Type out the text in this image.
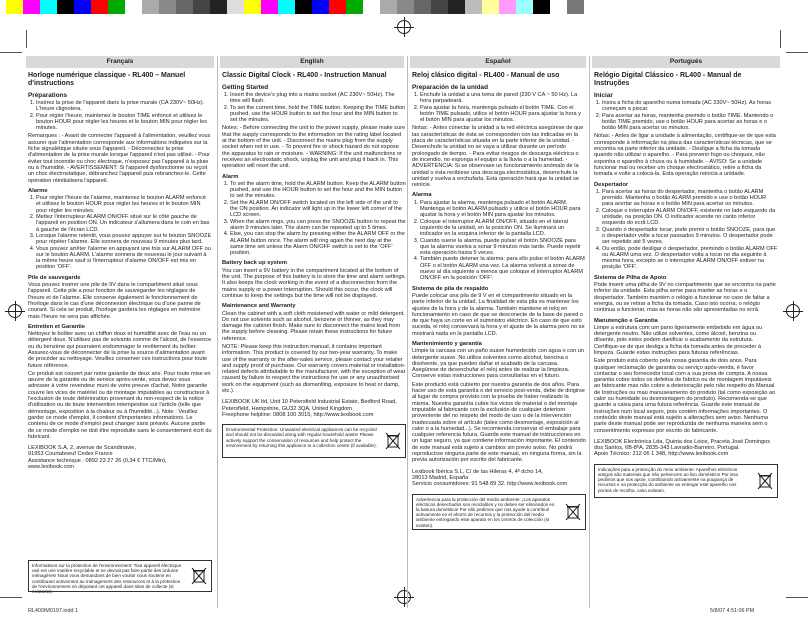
Français	English	Español	Portugués
Horloge numérique classique - RL400 – Manuel d'instructions
Préparations
1. Insérez la prise de l'appareil dans la prise murale (CA 230V~ 50Hz). L'heure clignotera.
2. Pour régler l'heure, maintenez le bouton TIME enfoncé et utilisez le bouton HOUR pour régler les heures et le bouton MIN pour régler les minutes.

Remarques : - Avant de connecter l'appareil à l'alimentation, veuillez vous assurer que l'alimentation corresponde aux informations indiquées sur la fiche signalétique située sous l'appareil. - Déconnectez la prise d'alimentation de la prise murale lorsque l'appareil n'est pas utilisé. - Pour éviter tout incendie ou choc électrique, n'exposez pas l'appareil à la pluie ou à l'humidité. - AVERTISSEMENT: Si l'appareil dysfonctionne ou reçoit un choc électrostatique, débranchez l'appareil puis rebranchez-le. Cette opération réinitialisera l'appareil.

Alarme
1. Pour régler l'heure de l'alarme, maintenez le bouton ALARM enfoncé et utilisez le bouton HOUR pour régler les heures et le bouton MIN pour régler les minutes.
2. Mettez l'interrupteur ALARM ON/OFF situé sur le côté gauche de l'appareil en position ON. Un indicateur s'allumera dans le coin en bas à gauche de l'écran LCD.
3. Lorsque l'alarme retentit, vous pouvez appuyer sur le bouton SNOOZE pour répéter l'alarme. Elle sonnera de nouveau 9 minutes plus tard.
4. Vous pouvez arrêter l'alarme en appuyant une fois sur ALARM OFF ou sur le bouton ALARM. L'alarme sonnera de nouveau le jour suivant à la même heure sauf si l'interrupteur d'alarme ON/OFF est mis en position 'OFF'.
Pile de sauvegarde

Vous pouvez insérer une pile de 9V dans le compartiment situé sous l'appareil. Cette pile a pour fonction de sauvegarder les réglages de l'heure et de l'alarme. Elle conserve également le fonctionnement de l'horloge dans le cas d'une déconnexion électrique ou d'une panne de courant. Si cela se produit, l'horloge gardera les réglages en mémoire mais l'heure ne sera pas affichée.

Entretien et Garantie

Nettoyez le boîtier avec un chiffon doux et humidifié avec de l'eau ou un détergent doux. N'utilisez pas de solvants comme de l'alcool, de l'essence ou du benzène qui pourraient endommager le revêtement du boîtier. Assurez-vous de déconnecter de la prise la source d'alimentation avant de procéder au nettoyage. Veuillez conserver ces instructions pour toute future référence.

Ce produit est couvert par notre garantie de deux ans. Pour toute mise en œuvre de la garantie ou de service après-vente, vous devez vous adresser à votre revendeur muni de votre preuve d'achat. Notre garantie couvre les vices de matériel ou de montage imputables au constructeur à l'exclusion de toute détérioration provenant du non-respect de la notice d'utilisation ou de toute intervention intempestive sur l'article (telle que démontage, exposition à la chaleur ou à l'humidité...). Note : Veuillez garder ce mode d'emploi, il contient d'importantes informations. Le contenu de ce mode d'emploi peut changer sans préavis. Aucune partie de ce mode d'emploi ne doit être reproduite sans le consentement écrit du fabricant.

LEXIBOOK S.A, 2, avenue de Scandinavie,
91953 Courtaboeuf Cedex France
Assistance technique : 0892 23 27 26 (0,34 € TTC/Min), www.lexibook.com
Informations sur la protection de l'environnement: Tout appareil électrique usé est une matière recyclable et ne devrait pas faire partie des ordures ménagères! Nous vous demandons de bien vouloir nous soutenir en contribuant activement au ménagement des ressources et à la protection de l'environnement en déposant cet appareil dans sites de collecte (si existants).
Classic Digital Clock - RL400 - Instruction Manual
Getting Started
1. Insert the device's plug into a mains socket (AC 230V~ 50Hz). The time will flash.
2. To set the current time, hold the TIME button. Keeping the TIME button pushed, use the HOUR button to set the hour and the MIN button to set the minutes.

Notes: - Before connecting the unit to the power supply, please make sure that the supply corresponds to the information on the rating label located at the bottom of the unit. - Disconnect the mains plug from the supply socket when not in use. - To prevent fire or shock hazard do not expose the apparatus to rain or moisture. - WARNING: If the unit malfunctions or receives an electrostatic shock, unplug the unit and plug it back in. This operation will reset the unit.

Alarm
1. To set the alarm time, hold the ALARM button. Keep the ALARM button pushed, and use the HOUR button to set the hour and the MIN button to set the minutes.
2. Set the ALARM ON/OFF switch located on the left side of the unit to the ON position. An indicator will light up in the lower left corner of the LCD screen.
3. When the alarm rings, you can press the SNOOZE button to repeat the alarm 9 minutes later. The alarm can be repeated up to 5 times.
4. Else, you can stop the alarm by pressing either the ALARM OFF or the ALARM button once. The alarm will ring again the next day at the same time set unless the Alarm ON/OFF switch is set to the 'OFF' position.
Battery back up system

You can insert a 9V battery in the compartment located at the bottom of the unit. The purpose of this battery is to store the time and alarm settings. It also keeps the clock working in the event of a disconnection from the mains supply or a power interruption. Should this occur, the clock will continue to keep the settings but the time will not be displayed.

Maintenance and Warranty

Clean the cabinet with a soft cloth moistened with water or mild detergent. Do not use solvents such as alcohol, benzene or thinner, as they may damage the cabinet finish. Make sure to disconnect the mains lead from the supply before cleaning. Please retain these instructions for future reference.

NOTE: Please keep this instruction manual, it contains important information. This product is covered by our two-year warranty. To make use of the warranty or the after-sales service, please contact your retailer and supply proof of purchase. Our warranty covers material or installation-related defects attributable to the manufacturer, with the exception of wear caused by failure to respect the instructions for use or any unauthorised work on the equipment (such as dismantling, exposure to heat or damp, etc.).

LEXIBOOK UK ltd, Unit 10 Petersfield Industrial Estate, Bedford Road,
Petersfield, Hampshire, GU32 3QA, United Kingdom
Freephone helpline: 0808 100 3015, http://www.lexibook.com
Environmental Protection: Unwanted electrical appliances can be recycled and should not be discarded along with regular household waste! Please actively support the conservation of resources and help protect the environment by returning this appliance to a collection centre (if available).
Reloj clásico digital - RL400 - Manual de uso
Preparación de la unidad
1. Enchufe la unidad a una toma de pared (230 V CA ~ 50 Hz). La hora parpadeará.
2. Para ajustar la hora, mantenga pulsado el botón TIME. Con el botón TIME pulsado, utilice el botón HOUR para ajustar la hora y el botón MIN para ajustar los minutos.

Notas: - Antes conectar la unidad a la red eléctrica asegúrese de que las características de ésta se corresponden con las indicadas en la placa de características situada en la parte inferior de la unidad. - Desenchufe la unidad no se vaya a utilizar durante un período prolongado de tiempo. - Para evitar riesgos de descarga eléctrica o de incendio, no exponga el equipo a la lluvia o a la humedad. - ADVERTENCIA: Si se observase un funcionamiento anómalo de la unidad o ésta recibiese una descarga electrostática, desenchufe la unidad y vuelva a enchufarla. Esta operación hará que la unidad se reinicie.

Alarma
1. Para ajustar la alarma, mantenga pulsado el botón ALARM. Mantenga el botón ALARM pulsado y utilice el botón HOUR para ajustar la hora y el botón MIN para ajustar los minutos.
2. Coloque el interruptor ALARM ON/OFF, situado en el lateral izquierdo de la unidad, en la posición ON. Se iluminará un indicador en la esquina inferior de la pantalla LCD.
3. Cuando suene la alarma, puede pulsar el botón SNOOZE para que la alarma vuelva a sonar 9 minutos más tarde. Puede repetir esta operación hasta 5 veces.
4. También puede detener la alarma: para ello pulse el botón ALARM OFF o el botón ALARM una vez. La alarma volverá a sonar de nuevo al día siguiente a menos que coloque el interruptor ALARM ON/OFF en la posición 'OFF'.
Sistema de pila de respaldo

Puede colocar una pila de 9 V en el compartimento situado en la parte inferior de la unidad. La finalidad de esta pila es mantener los ajustes de la hora y de la alarma. También mantiene el reloj en funcionamiento en caso de que se desconecte de la base de pared o de que haya un corte en el suministro eléctrico. En caso de que esto suceda, el reloj conservará la hora y el ajuste de la alarma pero no se mostrará nada en la pantalla LCD.

Mantenimiento y garantía

Limpie la carcasa con un paño suave humedecido con agua o con un detergente suave. No utilice solventes como alcohol, bencina o disolvente, ya que pueden dañar el acabado de la carcasa. Asegúrese de desenchufar el reloj antes de realizar la limpieza. Conserve estas instrucciones para consultarlas en el futuro.

Este producto está cubierto por nuestra garantía de dos años. Para hacer uso de esta garantía o del servicio post-venta, debe de dirigirse al lugar de compra provisto con la prueba de haber realizado la misma. Nuestra garantía cubre los vicios de material o del montaje imputable al fabricante con la exclusión de cualquier deterioro proveniente del no respeto del modo de uso o de la intervención inadecuada sobre el artículo (tales como desmontaje, exposición al calor o a la humedad...). Se recomienda conservar el embalaje para cualquier referencia futura. Guarde este manual de instrucciones en un lugar seguro, ya que contiene información importante. El contenido de este manual está sujeto a cambios sin previo aviso. No podrá reproducirse ninguna parte de este manual, en ninguna forma, sin la previa autorización por escrito del fabricante.

Lexibook Ibérica S.L, C/ de las Hileras 4, 4º dcho 14,
28013 Madrid, España
Servicio consumidores: 91 548 89 32. http://www.lexibook.com
Advertencia para la protección del medio ambiente: ¡Los aparatos eléctricos desechados son reciclables y no deben ser eliminados en la basura doméstica! Por ello pedimos que nos ayude a contribuir activamente en el ahorro de recursos y la protección del medio ambiente entregando este aparato en los centros de colección (si existen).
Relógio Digital Clássico - RL400 - Manual de Instruções
Iniciar
1. Insira a ficha do aparelho numa tomada (AC 230V~ 50Hz). As horas começam a piscar.
2. Para acertar as horas, mantenha premido o botão TIME. Mantendo o botão TIME premido, use o botão HOUR para acertar as horas e o botão MIN para acertar os minutos.

Notas: - Antes de ligar a unidade à alimentação, certifique-se de que esta corresponde à informação na placa das características técnicas, que se encontra na parte inferior da unidade. - Desligue a ficha da tomada quando não utilizar o aparelho. - Para prevenir fogo ou choques, não exponha o aparelho à chuva ou à humidade. - AVISO: Se a unidade funcionar mal ou receber um choque electrostático, retire a ficha da tomada e volte a colocá-la. Esta operação reinicia a unidade.

Despertador
1. Para acertar as horas do despertador, mantenha o botão ALARM premido. Mantenha o botão ALARM premido e use o botão HOUR para acertar as horas e o botão MIN para acertar os minutos.
2. Coloque o interruptor ALARM ON/OFF, existente no lado esquerdo da unidade, na posição ON. O indicador acende no canto inferior esquerdo do ecrã LCD.
3. Quando o despertador tocar, pode premir o botão SNOOZE, para que o despertador volte a tocar passados 9 minutos. O despertador pode ser repetido até 5 vezes.
4. Ou então, pode desligar o despertador, premindo o botão ALARM OFF ou ALARM uma vez. O despertador volta a tocar no dia seguinte à mesma hora, excepto se o interruptor ALARM ON/OFF estiver na posição 'OFF'.
Sistema de Pilha de Apoio

Pode inserir uma pilha de 9V no compartimento que se encontra na parte inferior da unidade. Esta pilha serve para manter as horas e o despertador. Também mantém o relógio a funcionar no caso de faltar a energia, ou se retirar a ficha da tomada. Caso isto ocorra, o relógio continua a funcionar, mas as horas não são apresentadas no ecrã.

Manutenção e Garantia

Limpe a estrutura com um pano ligeiramente embebido em água ou detergente neutro. Não utilize solventes, como álcool, benzina ou diluente, pois estes podem danificar o acabamento da estrutura. Certifique-se de que desliga a ficha da tomada antes de proceder à limpeza. Guarde estas instruções para futuras referências.

Este produto está coberto pela nossa garantia de dois anos. Para qualquer reclamação de garantia ou serviço após-venda, é favor contactar o seu fornecedor local com a sua prova de compra. A nossa garantia cobre todos os defeitos de fabrico ou de montagem imputáveis ao fabricante mas não cobre a deterioração pelo não respeito do Manual de Instruções ou mau manuseamento do produto (tal como exposição ao calor ou humidade ou desmontagem do produto). Recomenda-se que guarde a caixa para uma futura referência. Guarde este manual de instruções num local seguro, pois contém informações importantes. O conteúdo deste manual está sujeito a alterações sem aviso. Nenhuma parte deste manual pode ser reproduzida de nenhuma maneira sem o consentimento expresso por escrito do fabricante.

LEXIBOOK Electrónica Lda, Quinta dos Loios, Praceta José Domingos dos Santos, 6B-8ºA, 2835-343 Lavradio-Barreiro, Portugal.
Apoio Técnico: 212 06 1 348, http://www.lexibook.com
Indicações para a protecção do meio ambiente: Aparelhos eléctricos antigos são materiais que não pertencem ao lixo doméstico! Por isso pedimos que nos apoie, contribuindo activamente na poupança de recursos e na protecção do ambiente ao entregar este aparelho nos pontos de recolha, caso existam.
RL400IM0197.indd 1	5/8/07 4:51:06 PM
